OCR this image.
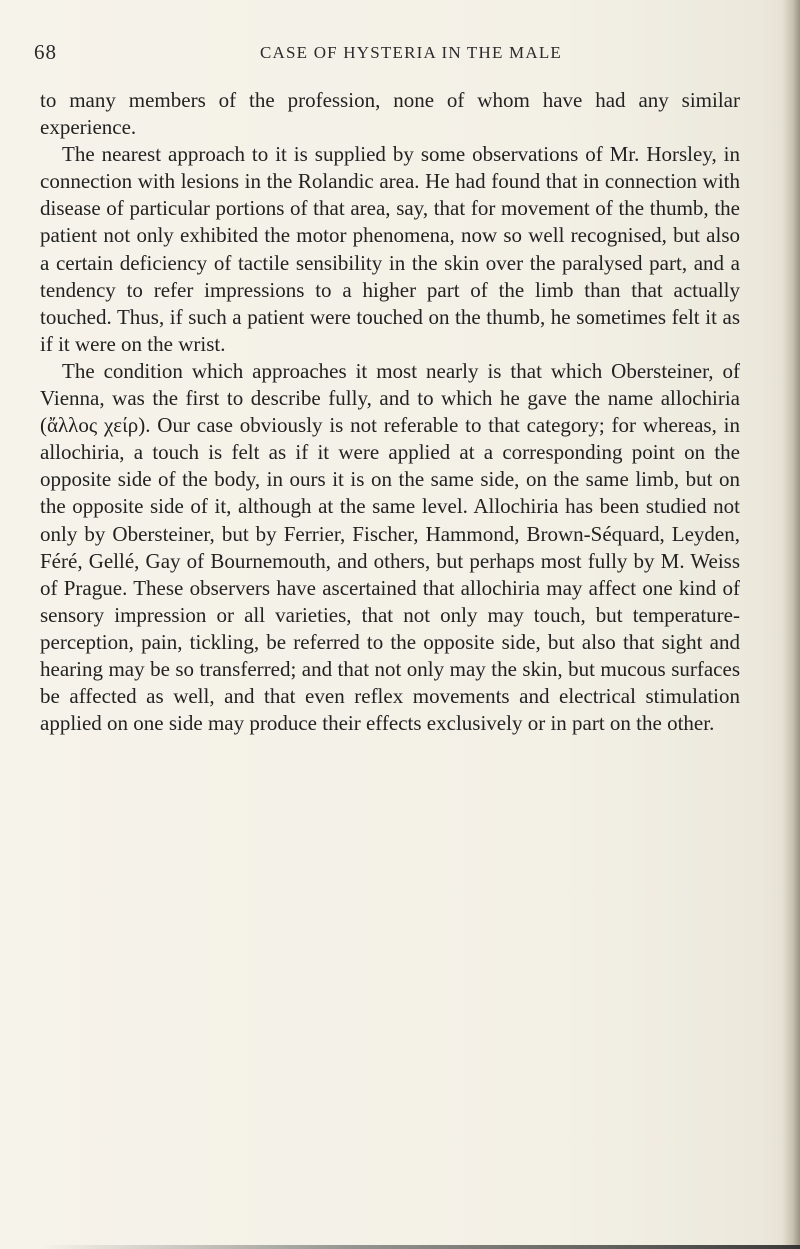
68	CASE OF HYSTERIA IN THE MALE

to many members of the profession, none of whom have had any similar experience.

The nearest approach to it is supplied by some observations of Mr. Horsley, in connection with lesions in the Rolandic area. He had found that in connection with disease of particular portions of that area, say, that for movement of the thumb, the patient not only exhibited the motor phenomena, now so well recognised, but also a certain deficiency of tactile sensibility in the skin over the paralysed part, and a tendency to refer impressions to a higher part of the limb than that actually touched. Thus, if such a patient were touched on the thumb, he sometimes felt it as if it were on the wrist.

The condition which approaches it most nearly is that which Obersteiner, of Vienna, was the first to describe fully, and to which he gave the name allochiria (ἄλλος χείρ). Our case obviously is not referable to that category; for whereas, in allochiria, a touch is felt as if it were applied at a corresponding point on the opposite side of the body, in ours it is on the same side, on the same limb, but on the opposite side of it, although at the same level. Allochiria has been studied not only by Obersteiner, but by Ferrier, Fischer, Hammond, Brown-Séquard, Leyden, Féré, Gellé, Gay of Bournemouth, and others, but perhaps most fully by M. Weiss of Prague. These observers have ascertained that allochiria may affect one kind of sensory impression or all varieties, that not only may touch, but temperature-perception, pain, tickling, be referred to the opposite side, but also that sight and hearing may be so transferred; and that not only may the skin, but mucous surfaces be affected as well, and that even reflex movements and electrical stimulation applied on one side may produce their effects exclusively or in part on the other.
